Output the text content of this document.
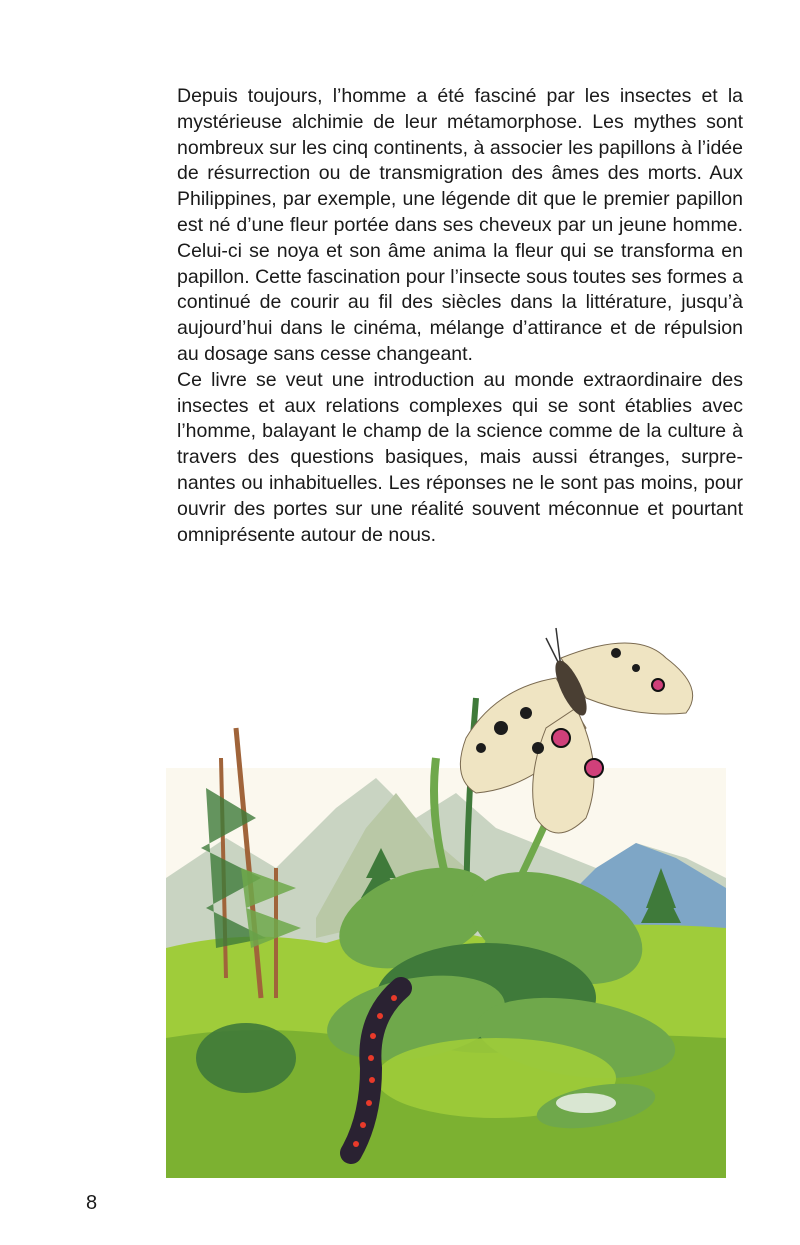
Depuis toujours, l’homme a été fasciné par les insectes et la mystérieuse alchimie de leur métamorphose. Les mythes sont nombreux sur les cinq continents, à associer les papillons à l’idée de résurrection ou de transmigration des âmes des morts. Aux Philippines, par exemple, une légende dit que le premier papillon est né d’une fleur portée dans ses cheveux par un jeune homme. Celui-ci se noya et son âme anima la fleur qui se transforma en papillon. Cette fascination pour l’insecte sous toutes ses formes a continué de courir au fil des siècles dans la littérature, jusqu’à aujourd’hui dans le cinéma, mélange d’attirance et de répulsion au dosage sans cesse changeant.

Ce livre se veut une introduction au monde extraordinaire des insectes et aux relations complexes qui se sont établies avec l’homme, balayant le champ de la science comme de la culture à travers des questions basiques, mais aussi étranges, surprenantes ou inhabituelles. Les réponses ne le sont pas moins, pour ouvrir des portes sur une réalité souvent méconnue et pourtant omniprésente autour de nous.

8
